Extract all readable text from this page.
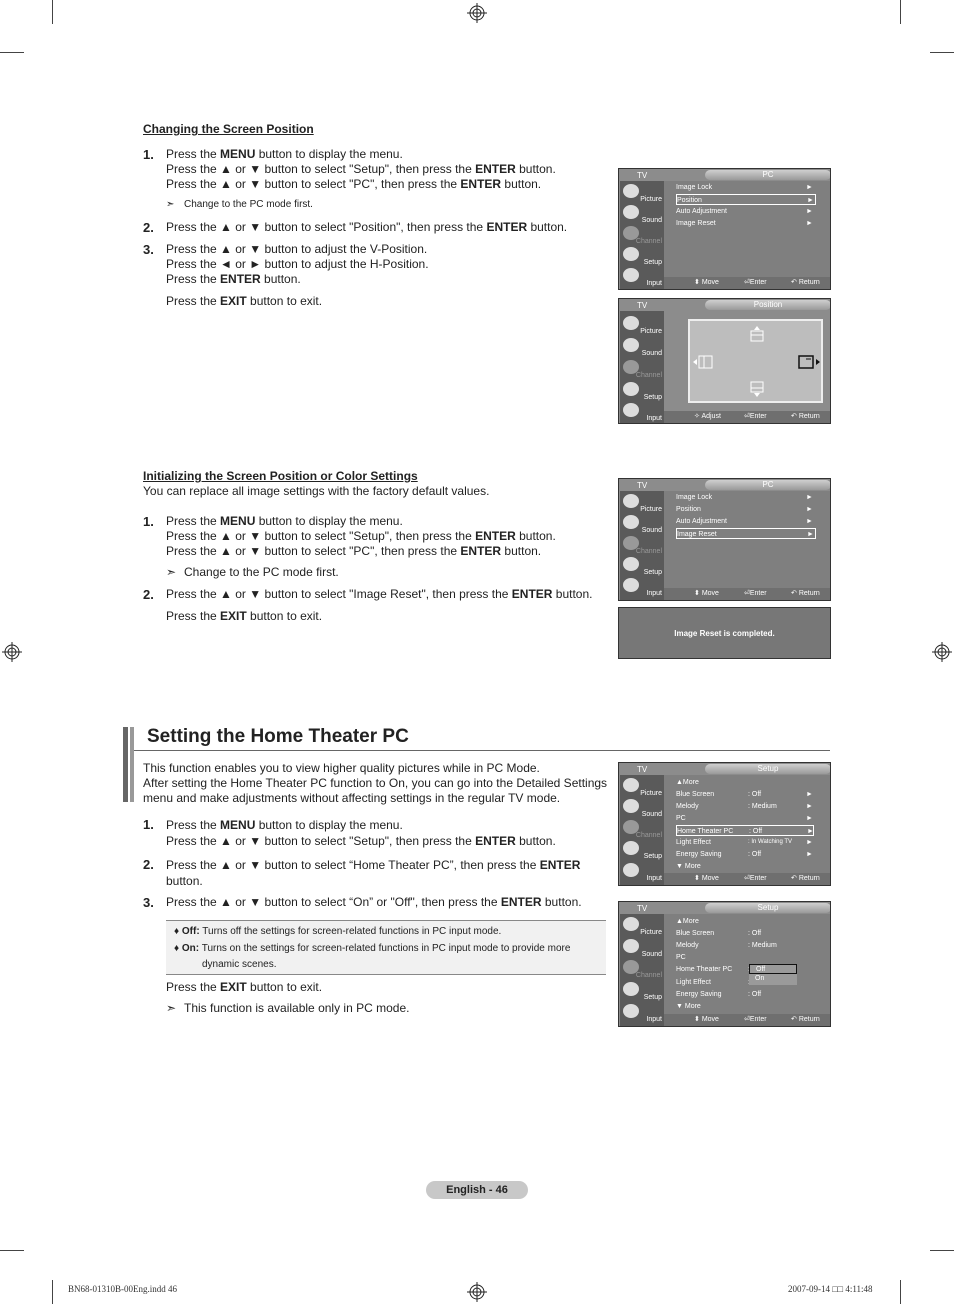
Changing the Screen Position
1. Press the MENU button to display the menu.
Press the ▲ or ▼ button to select "Setup", then press the ENTER button.
Press the ▲ or ▼ button to select "PC", then press the ENTER button.
➣ Change to the PC mode first.
2. Press the ▲ or ▼ button to select "Position", then press the ENTER button.
3. Press the ▲ or ▼ button to adjust the V-Position.
Press the ◄ or ► button to adjust the H-Position.
Press the ENTER button.
Press the EXIT button to exit.
TV	PC
Picture
Sound
Channel
Setup
Input
Image Lock	►
Position	►
Auto Adjustment	►
Image Reset	►
⬍ Move	⏎Enter	↶ Return
TV	Position
Picture
Sound
Channel
Setup
Input	✧ Adjust	⏎Enter	↶ Return
Initializing the Screen Position or Color Settings
You can replace all image settings with the factory default values.
1. Press the MENU button to display the menu.
Press the ▲ or ▼ button to select "Setup", then press the ENTER button.
Press the ▲ or ▼ button to select "PC", then press the ENTER button.
➣ Change to the PC mode first.
2. Press the ▲ or ▼ button to select "Image Reset", then press the ENTER button.
Press the EXIT button to exit.
TV	PC
Picture
Sound
Channel
Setup
Input
Image Lock	►
Position	►
Auto Adjustment	►
Image Reset	►
⬍ Move	⏎Enter	↶ Return
Image Reset is completed.
Setting the Home Theater PC
This function enables you to view higher quality pictures while in PC Mode.
After setting the Home Theater PC function to On, you can go into the Detailed Settings
menu and make adjustments without affecting settings in the regular TV mode.
1. Press the MENU button to display the menu.
Press the ▲ or ▼ button to select "Setup", then press the ENTER button.
2. Press the ▲ or ▼ button to select “Home Theater PC”, then press the ENTER
button.
3. Press the ▲ or ▼ button to select “On” or "Off", then press the ENTER button.
♦ Off: Turns off the settings for screen-related functions in PC input mode.
♦ On: Turns on the settings for screen-related functions in PC input mode to provide more
dynamic scenes.
Press the EXIT button to exit.
➣ This function is available only in PC mode.
TV	Setup
Picture
Sound
Channel
Setup
Input
▲More
Blue Screen	: Off	►
Melody	: Medium	►
PC	►
Home Theater PC : Off	►
Light Effect	: In Watching TV ►
Energy Saving	: Off	►
▼ More
⬍ Move	⏎Enter	↶ Return
TV	Setup
Picture
Sound
Channel
Setup
Input
▲More
Blue Screen	: Off
Melody	: Medium
PC
Home Theater PC
Light Effect
Energy Saving	: Off
▼ More
Off
On
⬍ Move	⏎Enter	↶ Return
English - 46
BN68-01310B-00Eng.indd 46	2007-09-14 □□ 4:11:48
